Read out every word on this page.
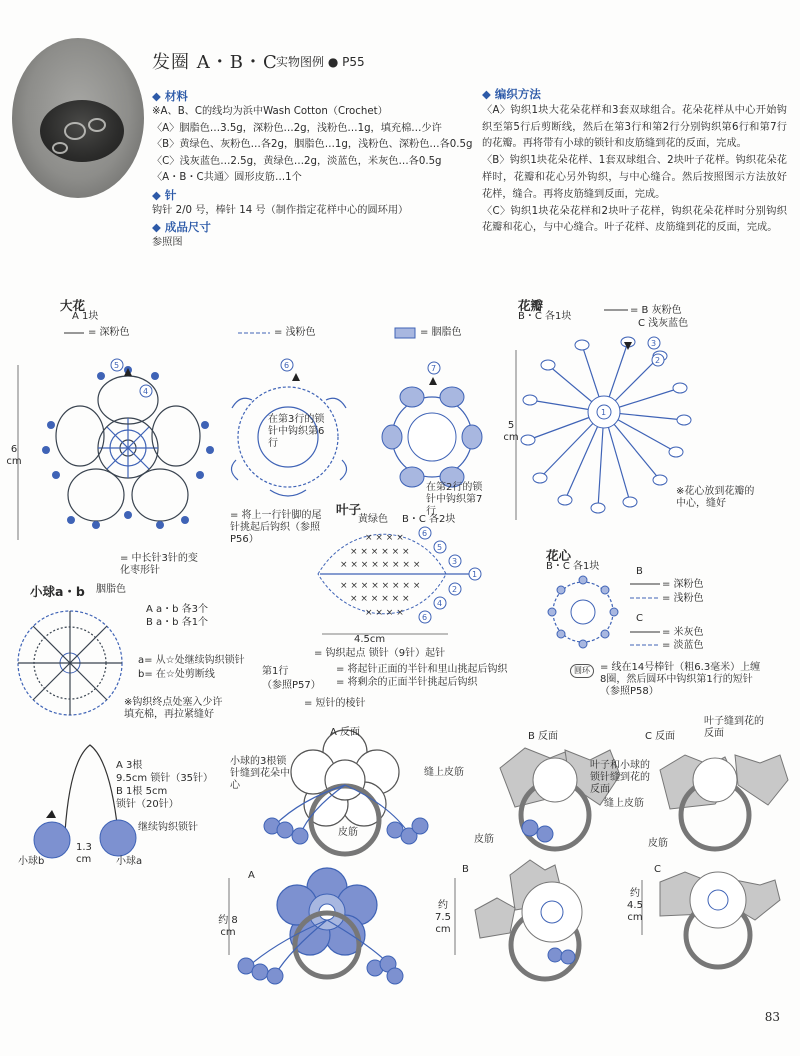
发圈 A・B・C
实物图例 ● P55
◆ 材料
※A、B、C的线均为浜中Wash Cotton（Crochet）
〈A〉胭脂色…3.5g，深粉色…2g，浅粉色…1g，填充棉…少许
〈B〉黄绿色、灰粉色…各2g，胭脂色…1g，浅粉色、深粉色…各0.5g
〈C〉浅灰蓝色…2.5g，黄绿色…2g，淡蓝色，米灰色…各0.5g
〈A・B・C共通〉圆形皮筋…1个
◆ 针
钩针 2/0 号，棒针 14 号（制作指定花样中心的圆环用）
◆ 成品尺寸
参照图
◆ 编织方法
〈A〉钩织1块大花朵花样和3套双球组合。花朵花样从中心开始钩织至第5行后剪断线，然后在第3行和第2行分别钩织第6行和第7行的花瓣。再将带有小球的锁针和皮筋缝到花的反面，完成。
〈B〉钩织1块花朵花样、1套双球组合、2块叶子花样。钩织花朵花样时，花瓣和花心另外钩织，与中心缝合。然后按照图示方法放好花样，缝合。再将皮筋缝到反面，完成。
〈C〉钩织1块花朵花样和2块叶子花样，钩织花朵花样时分别钩织花瓣和花心，与中心缝合。叶子花样、皮筋缝到花的反面，完成。
5
4
6	7
1
3
2
× × × ×
× × × × × ×
× × × × × × × ×
× × × × × × × ×
× × × × × ×
× × × ×
6
5
3
1
2
4
6
大花
A 1块
= 深粉色	= 浅粉色	= 胭脂色
6 cm
在第3行的锁针中钩织第6行
在第2行的锁针中钩织第7行
= 中长针3针的变化枣形针
花瓣
B・C 各1块
= B 灰粉色
C 浅灰蓝色
5 cm
※花心放到花瓣的中心，缝好
叶子
黄绿色 B・C 各2块
= 将上一行针脚的尾针挑起后钩织（参照P56）
4.5cm
= 钩织起点 锁针（9针）起针
第1行
（参照P57）
= 将起针正面的半针和里山挑起后钩织
= 将剩余的正面半针挑起后钩织
= 短针的棱针
花心
B・C 各1块	B
= 深粉色
= 浅粉色
C
= 米灰色
= 淡蓝色
圆环	= 线在14号棒针（粗6.3毫米）上缠8圈，然后圆环中钩织第1行的短针（参照P58）
小球a・b 胭脂色
A a・b 各3个
B a・b 各1个
a= 从☆处继续钩织锁针
b= 在☆处剪断线
※钩织终点处塞入少许填充棉，再拉紧缝好
A 3根
9.5cm 锁针（35针）
B 1根 5cm
锁针（20针）
继续钩织锁针
1.3 cm
小球b	小球a
A 反面	B 反面	C 反面
小球的3根锁针缝到花朵中心
缝上皮筋
皮筋
叶子和小球的锁针缝到花的反面
缝上皮筋
皮筋
叶子缝到花的反面
皮筋
A
B	C
约 8 cm
约 7.5 cm
约 4.5 cm
83
